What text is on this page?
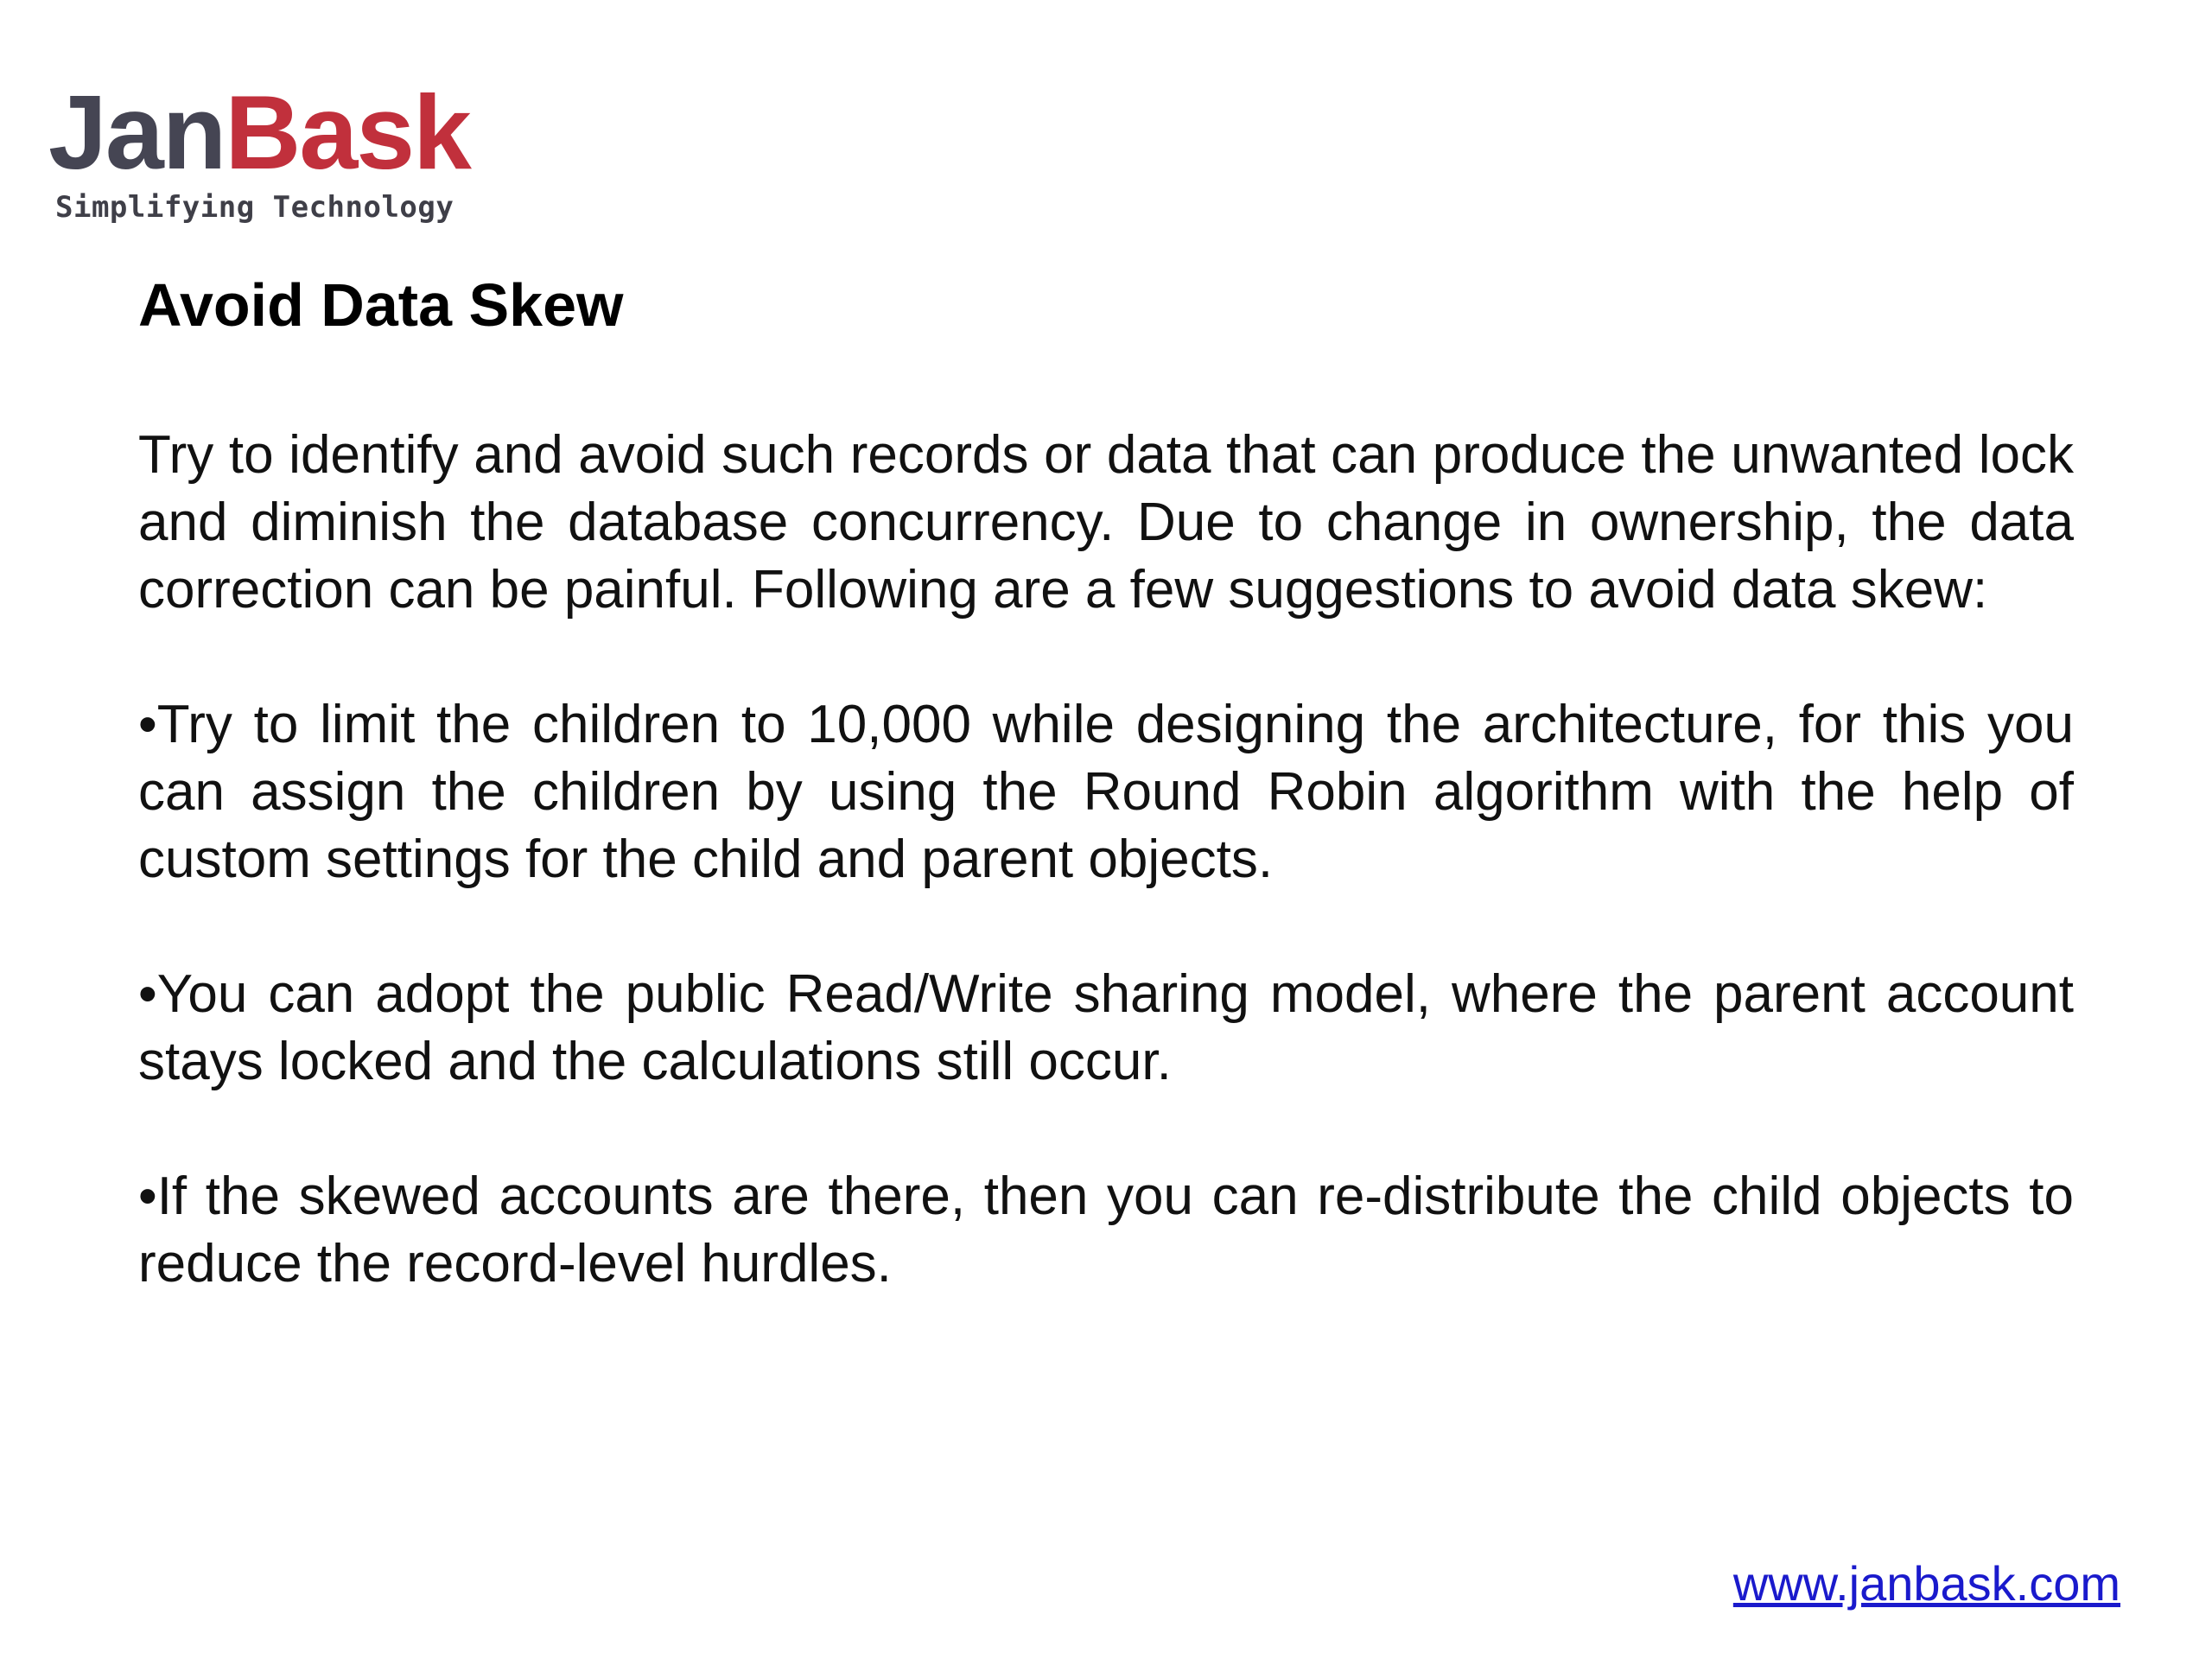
JanBask
Simplifying Technology
Avoid Data Skew

Try to identify and avoid such records or data that can produce the unwanted lock and diminish the database concurrency. Due to change in ownership, the data correction can be painful. Following are a few suggestions to avoid data skew:

•Try to limit the children to 10,000 while designing the architecture, for this you can assign the children by using the Round Robin algorithm with the help of custom settings for the child and parent objects.

•You can adopt the public Read/Write sharing model, where the parent account stays locked and the calculations still occur.

•If the skewed accounts are there, then you can re-distribute the child objects to reduce the record-level hurdles.

www.janbask.com
